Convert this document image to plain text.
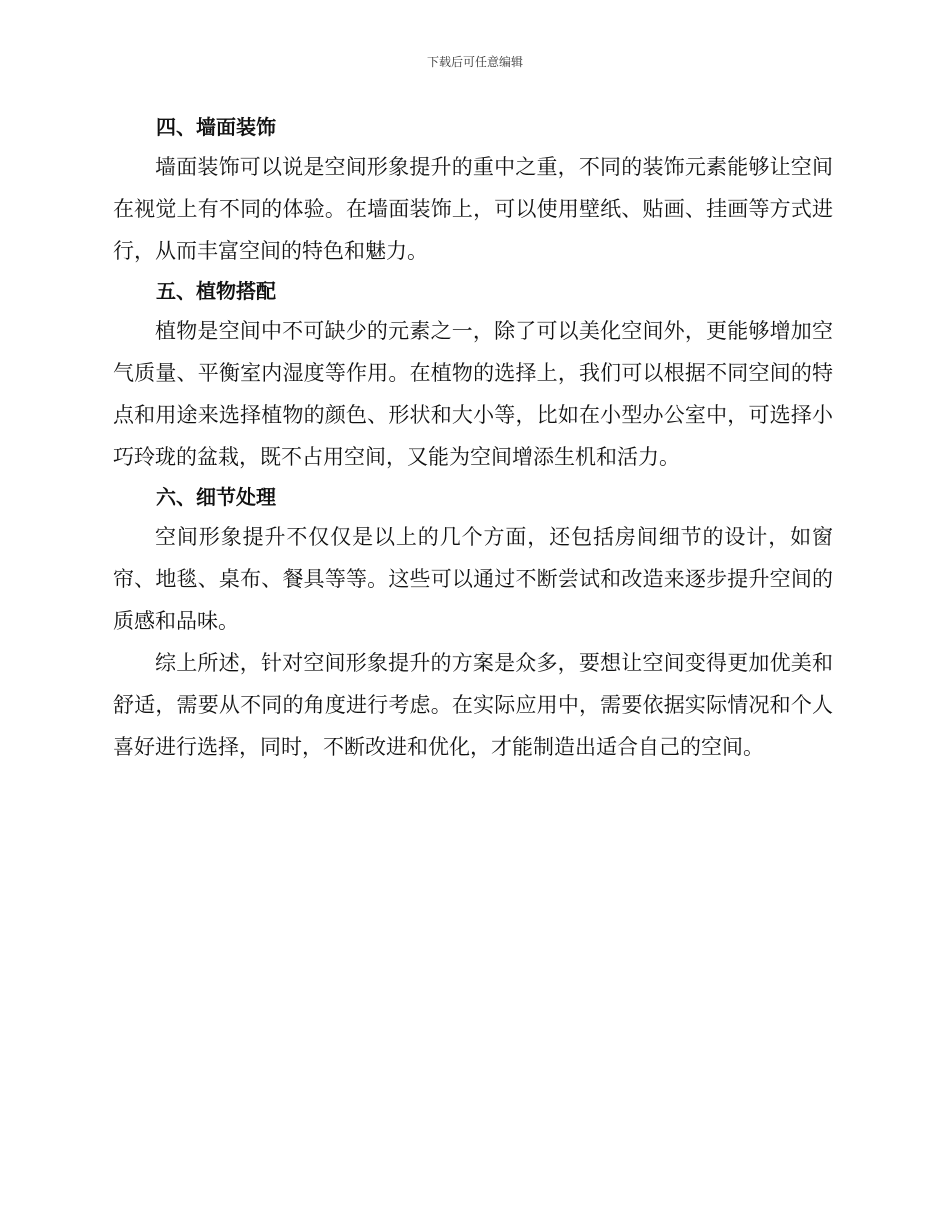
下载后可任意编辑
四、墙面装饰

墙面装饰可以说是空间形象提升的重中之重，不同的装饰元素能够让空间在视觉上有不同的体验。在墙面装饰上，可以使用壁纸、贴画、挂画等方式进行，从而丰富空间的特色和魅力。

五、植物搭配

植物是空间中不可缺少的元素之一，除了可以美化空间外，更能够增加空气质量、平衡室内湿度等作用。在植物的选择上，我们可以根据不同空间的特点和用途来选择植物的颜色、形状和大小等，比如在小型办公室中，可选择小巧玲珑的盆栽，既不占用空间，又能为空间增添生机和活力。

六、细节处理

空间形象提升不仅仅是以上的几个方面，还包括房间细节的设计，如窗帘、地毯、桌布、餐具等等。这些可以通过不断尝试和改造来逐步提升空间的质感和品味。

综上所述，针对空间形象提升的方案是众多，要想让空间变得更加优美和舒适，需要从不同的角度进行考虑。在实际应用中，需要依据实际情况和个人喜好进行选择，同时，不断改进和优化，才能制造出适合自己的空间。
